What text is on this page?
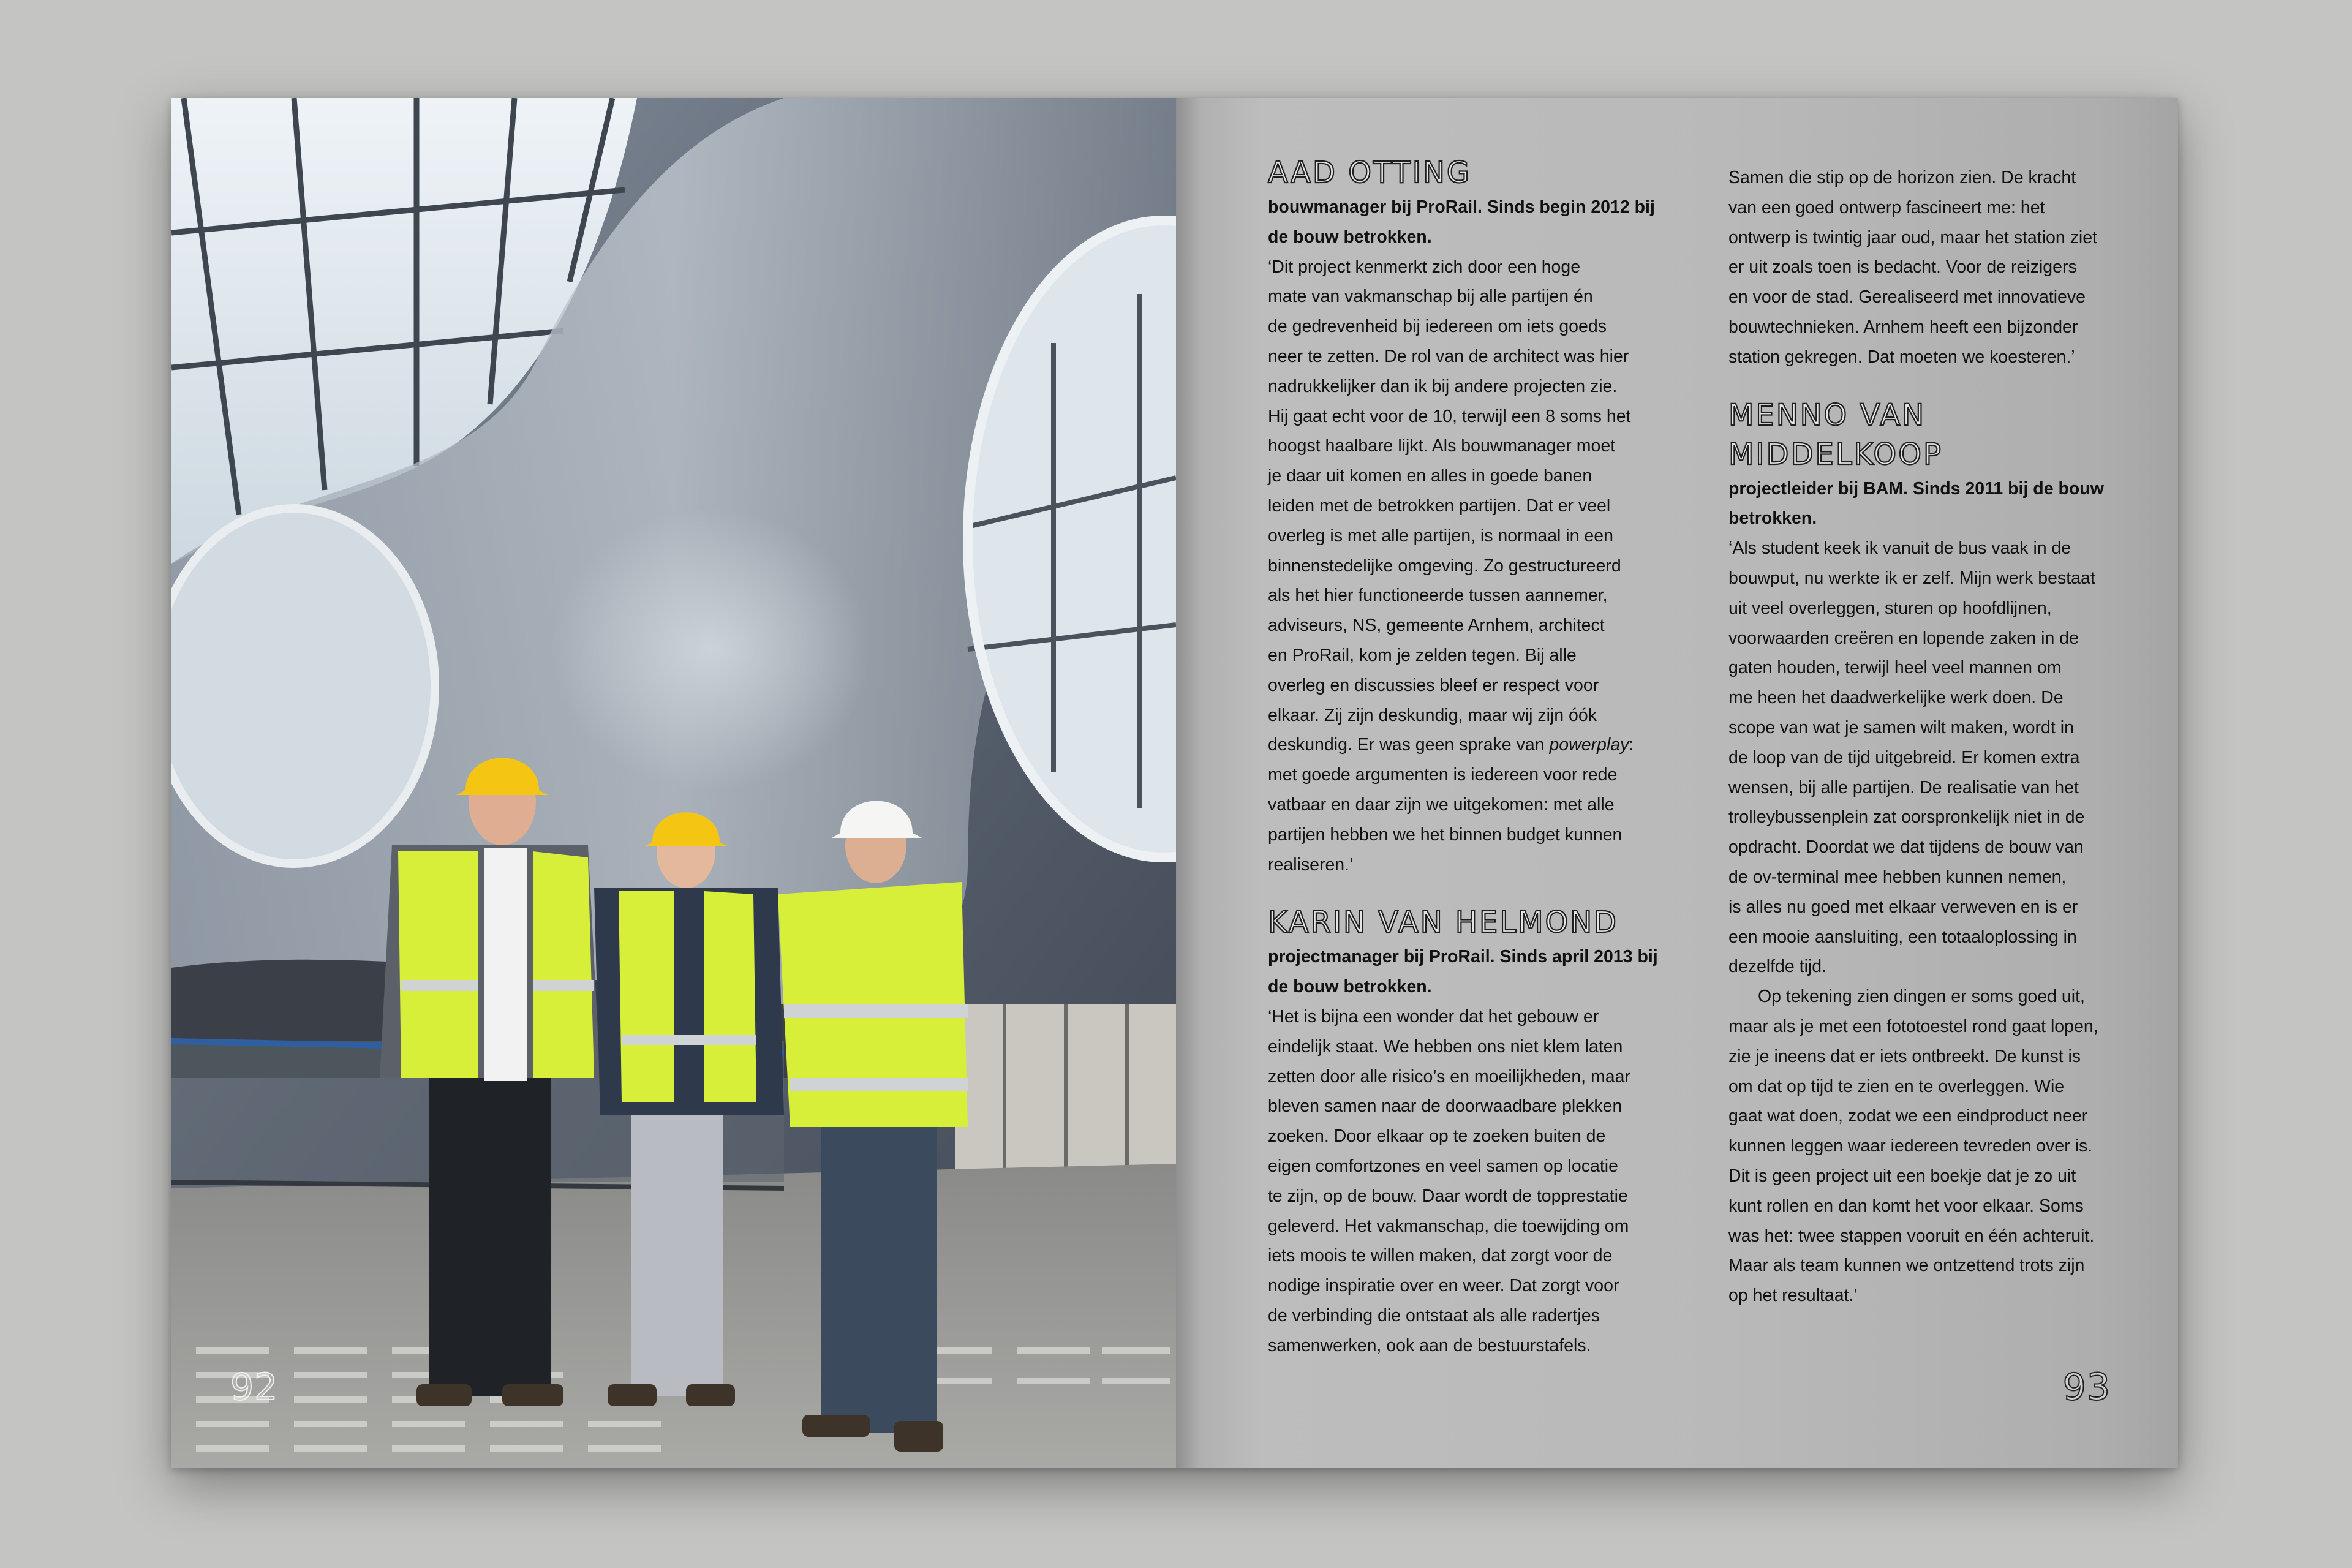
92
AAD OTTING

bouwmanager bij ProRail. Sinds begin 2012 bij de bouw betrokken.

‘Dit project kenmerkt zich door een hoge
mate van vakmanschap bij alle partijen én
de gedrevenheid bij iedereen om iets goeds
neer te zetten. De rol van de architect was hier
nadrukkelijker dan ik bij andere projecten zie.
Hij gaat echt voor de 10, terwijl een 8 soms het
hoogst haalbare lijkt. Als bouwmanager moet
je daar uit komen en alles in goede banen
leiden met de betrokken partijen. Dat er veel
overleg is met alle partijen, is normaal in een
binnenstedelijke omgeving. Zo gestructureerd
als het hier functioneerde tussen aannemer,
adviseurs, NS, gemeente Arnhem, architect
en ProRail, kom je zelden tegen. Bij alle
overleg en discussies bleef er respect voor
elkaar. Zij zijn deskundig, maar wij zijn óók
deskundig. Er was geen sprake van powerplay:
met goede argumenten is iedereen voor rede
vatbaar en daar zijn we uitgekomen: met alle
partijen hebben we het binnen budget kunnen
realiseren.’
KARIN VAN HELMOND

projectmanager bij ProRail. Sinds april 2013 bij de bouw betrokken.

‘Het is bijna een wonder dat het gebouw er
eindelijk staat. We hebben ons niet klem laten
zetten door alle risico’s en moeilijkheden, maar
bleven samen naar de doorwaadbare plekken
zoeken. Door elkaar op te zoeken buiten de
eigen comfortzones en veel samen op locatie
te zijn, op de bouw. Daar wordt de topprestatie
geleverd. Het vakmanschap, die toewijding om
iets moois te willen maken, dat zorgt voor de
nodige inspiratie over en weer. Dat zorgt voor
de verbinding die ontstaat als alle radertjes
samenwerken, ook aan de bestuurstafels.
Samen die stip op de horizon zien. De kracht
van een goed ontwerp fascineert me: het
ontwerp is twintig jaar oud, maar het station ziet
er uit zoals toen is bedacht. Voor de reizigers
en voor de stad. Gerealiseerd met innovatieve
bouwtechnieken. Arnhem heeft een bijzonder
station gekregen. Dat moeten we koesteren.’
MENNO VAN MIDDELKOOP

projectleider bij BAM. Sinds 2011 bij de bouw betrokken.

‘Als student keek ik vanuit de bus vaak in de
bouwput, nu werkte ik er zelf. Mijn werk bestaat
uit veel overleggen, sturen op hoofdlijnen,
voorwaarden creëren en lopende zaken in de
gaten houden, terwijl heel veel mannen om
me heen het daadwerkelijke werk doen. De
scope van wat je samen wilt maken, wordt in
de loop van de tijd uitgebreid. Er komen extra
wensen, bij alle partijen. De realisatie van het
trolleybussenplein zat oorspronkelijk niet in de
opdracht. Doordat we dat tijdens de bouw van
de ov-terminal mee hebben kunnen nemen,
is alles nu goed met elkaar verweven en is er
een mooie aansluiting, een totaaloplossing in
dezelfde tijd.
Op tekening zien dingen er soms goed uit,
maar als je met een fototoestel rond gaat lopen,
zie je ineens dat er iets ontbreekt. De kunst is
om dat op tijd te zien en te overleggen. Wie
gaat wat doen, zodat we een eindproduct neer
kunnen leggen waar iedereen tevreden over is.
Dit is geen project uit een boekje dat je zo uit
kunt rollen en dan komt het voor elkaar. Soms
was het: twee stappen vooruit en één achteruit.
Maar als team kunnen we ontzettend trots zijn
op het resultaat.’
93
